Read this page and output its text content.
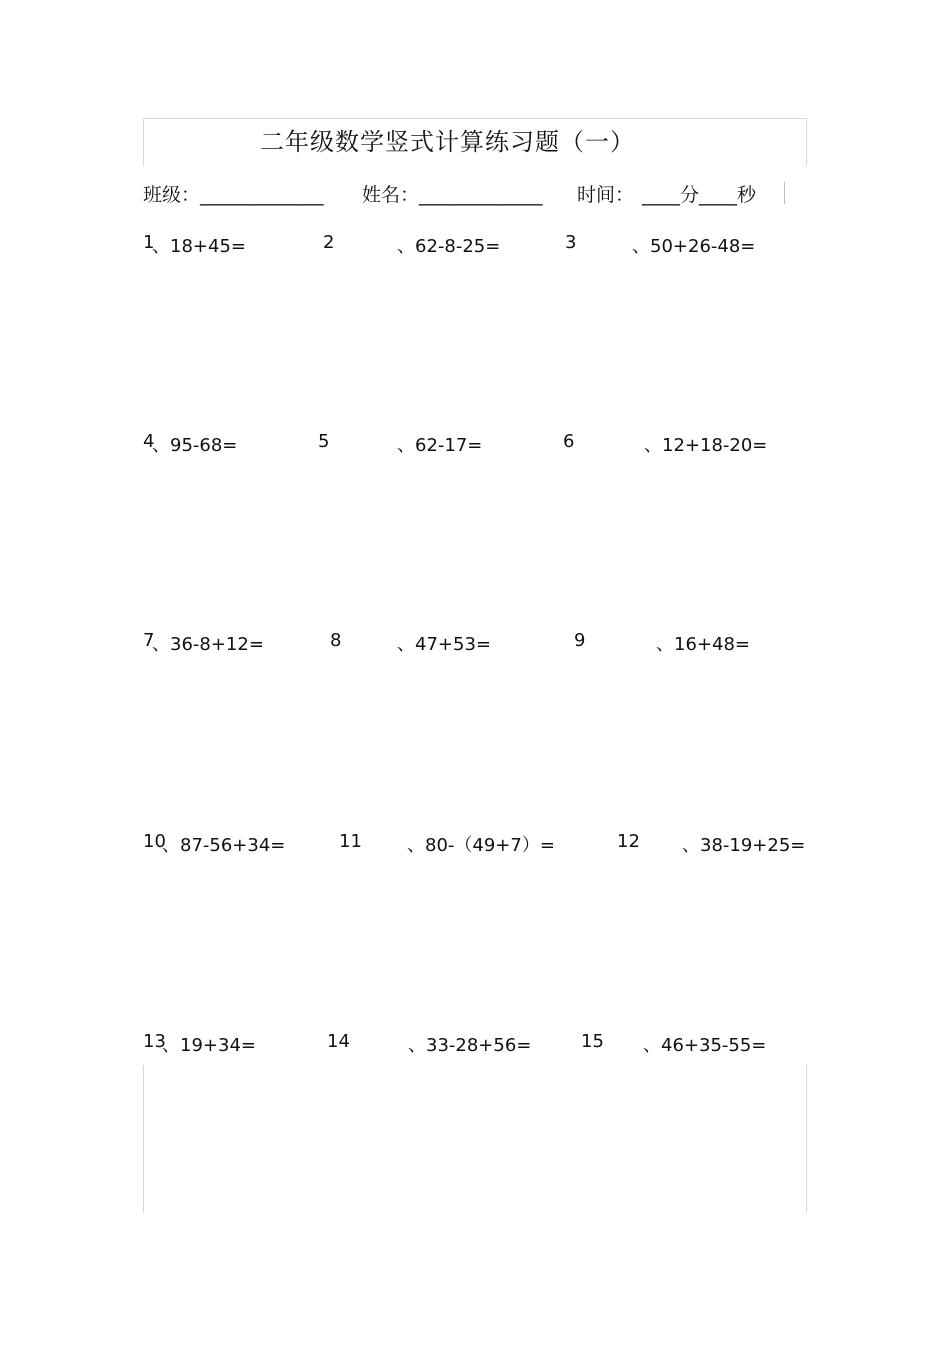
二年级数学竖式计算练习题（一）
班级：_____________ 姓名：_____________ 时间： ____分____秒
1
、18+45=	2	、62-8-25=	3	、50+26-48=
4
、95-68=	5	、62-17=	6	、12+18-20=
7
、36-8+12=	8	、47+53=	9	、16+48=
10
、87-56+34=	11	、80-（49+7）=	12 、38-19+25=
13
、19+34=	14	、33-28+56=	15 、46+35-55=
